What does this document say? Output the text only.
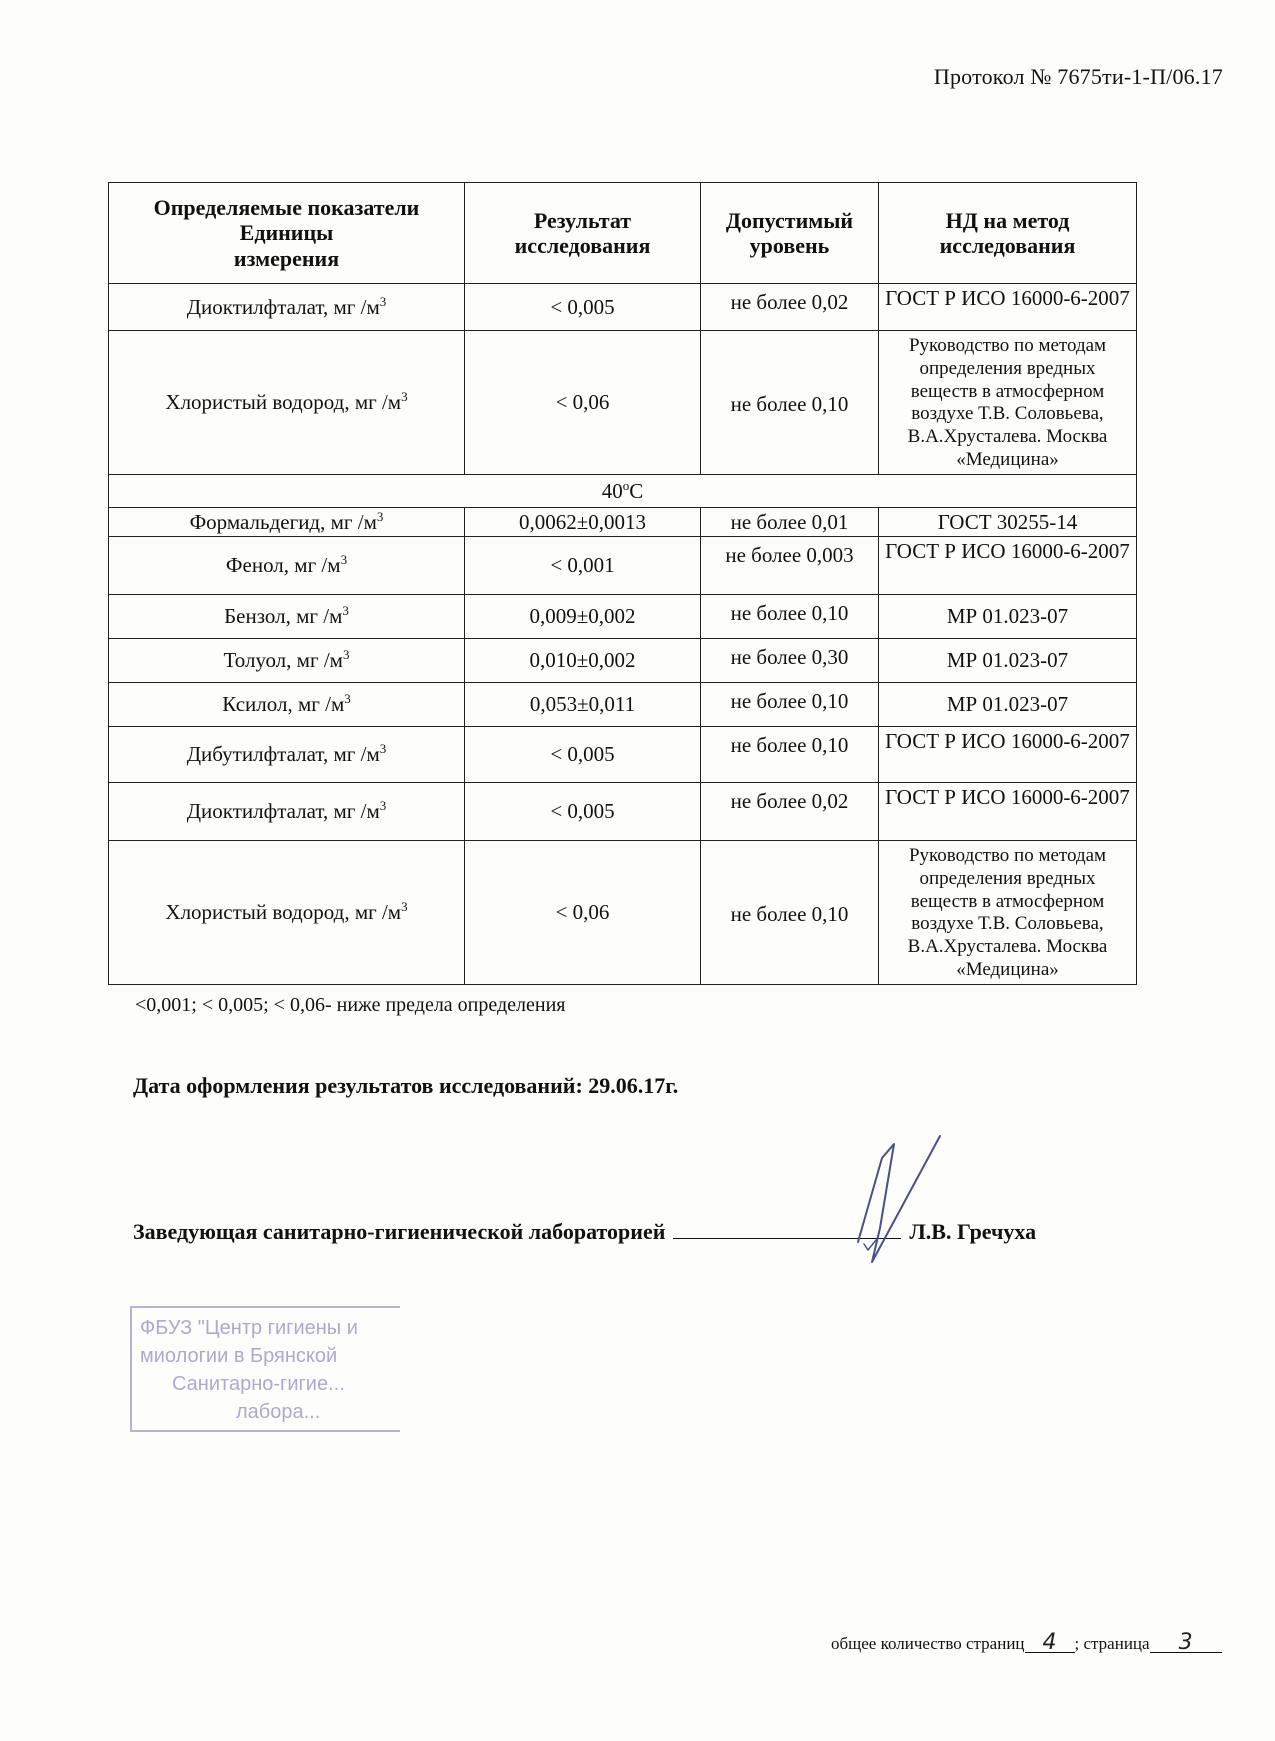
Протокол № 7675ти-1-П/06.17
Определяемые показатели
Единицы
измерения	Результат исследования	Допустимый уровень	НД на метод исследования
Диоктилфталат, мг $/м^3$	< 0,005	не более 0,02	ГОСТ Р ИСО 16000-6-2007
Хлористый водород, мг $/м^3$	< 0,06	не более 0,10	Руководство по методам определения вредных веществ в атмосферном воздухе Т.В. Соловьева, В.А.Хрусталева. Москва «Медицина»
40$^o$C			
Формальдегид, мг $/м^3$	0,0062±0,0013	не более 0,01	ГОСТ 30255-14
Фенол, мг $/м^3$	< 0,001	не более 0,003	ГОСТ Р ИСО 16000-6-2007
Бензол, мг $/м^3$	0,009±0,002	не более 0,10	МР 01.023-07
Толуол, мг $/м^3$	0,010±0,002	не более 0,30	МР 01.023-07
Ксилол, мг $/м^3$	0,053±0,011	не более 0,10	МР 01.023-07
Дибутилфталат, мг $/м^3$	< 0,005	не более 0,10	ГОСТ Р ИСО 16000-6-2007
Диоктилфталат, мг $/м^3$	< 0,005	не более 0,02	ГОСТ Р ИСО 16000-6-2007
Хлористый водород, мг $/м^3$	< 0,06	не более 0,10	Руководство по методам определения вредных веществ в атмосферном воздухе Т.В. Соловьева, В.А.Хрусталева. Москва «Медицина»
<0,001; < 0,005; < 0,06- ниже предела определения
Дата оформления результатов исследований: 29.06.17г.
Заведующая санитарно-гигиенической лабораторией	Л.В. Гречуха
ФБУЗ "Центр гигиены и
миологии в Брянской
Санитарно-гигие...
лабора...
общее количество страниц 4 ; страница 3
